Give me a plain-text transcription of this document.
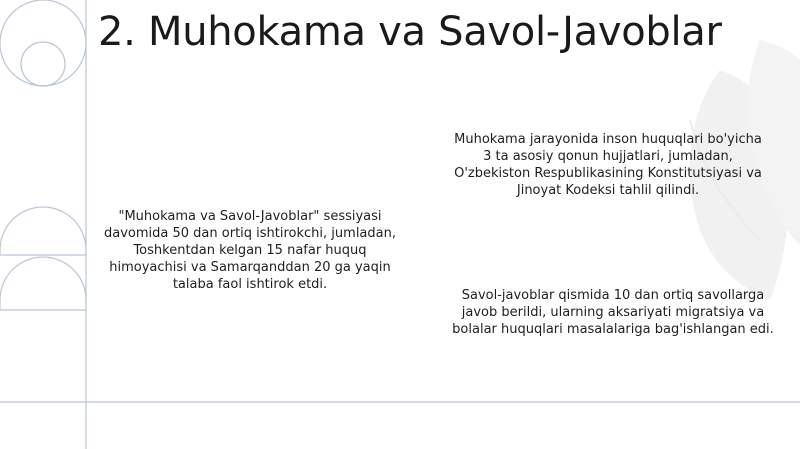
2. Muhokama va Savol-Javoblar
"Muhokama va Savol-Javoblar" sessiyasi davomida 50 dan ortiq ishtirokchi, jumladan, Toshkentdan kelgan 15 nafar huquq himoyachisi va Samarqanddan 20 ga yaqin talaba faol ishtirok etdi.
Muhokama jarayonida inson huquqlari bo'yicha 3 ta asosiy qonun hujjatlari, jumladan, O'zbekiston Respublikasining Konstitutsiyasi va Jinoyat Kodeksi tahlil qilindi.
Savol-javoblar qismida 10 dan ortiq savollarga javob berildi, ularning aksariyati migratsiya va bolalar huquqlari masalalariga bag'ishlangan edi.
